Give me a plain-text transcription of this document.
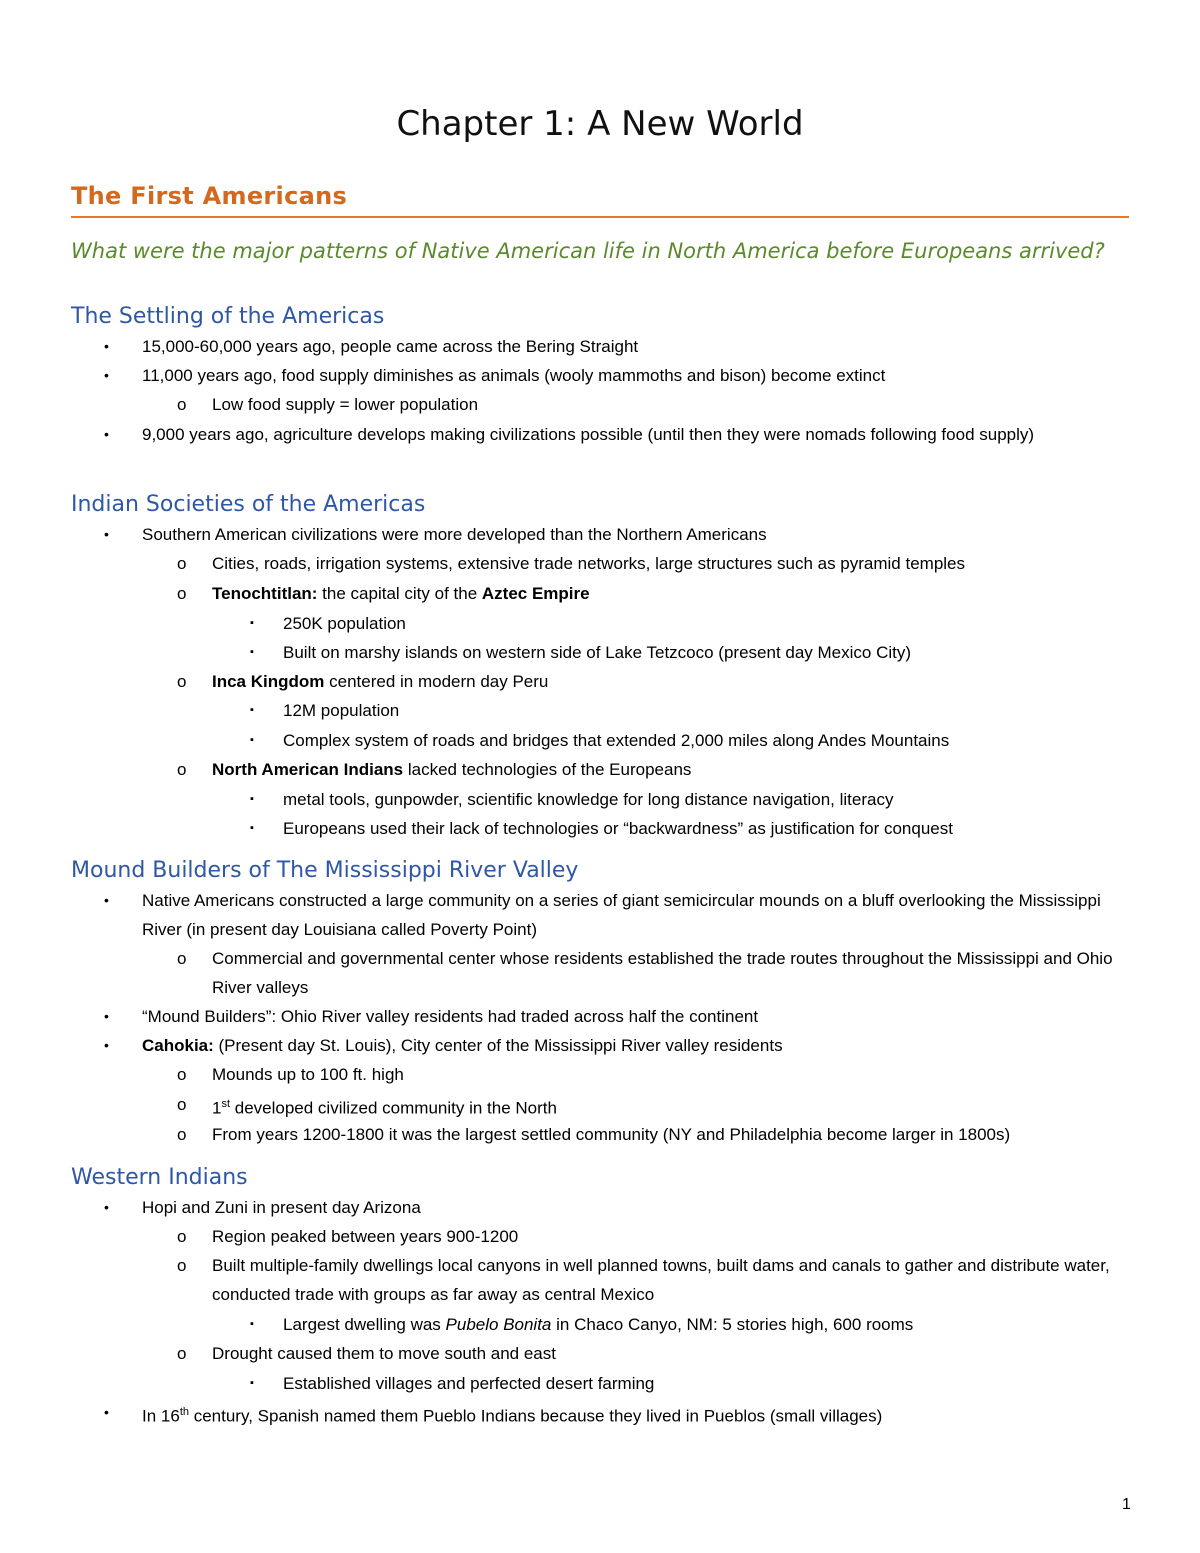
Chapter 1: A New World
The First Americans

What were the major patterns of Native American life in North America before Europeans arrived?

The Settling of the Americas
• 15,000-60,000 years ago, people came across the Bering Straight
• 11,000 years ago, food supply diminishes as animals (wooly mammoths and bison) become extinct
o Low food supply = lower population
• 9,000 years ago, agriculture develops making civilizations possible (until then they were nomads following food supply)
Indian Societies of the Americas
• Southern American civilizations were more developed than the Northern Americans
o Cities, roads, irrigation systems, extensive trade networks, large structures such as pyramid temples
o Tenochtitlan: the capital city of the Aztec Empire
▪ 250K population
▪ Built on marshy islands on western side of Lake Tetzcoco (present day Mexico City)
o Inca Kingdom centered in modern day Peru
▪ 12M population
▪ Complex system of roads and bridges that extended 2,000 miles along Andes Mountains
o North American Indians lacked technologies of the Europeans
▪ metal tools, gunpowder, scientific knowledge for long distance navigation, literacy
▪ Europeans used their lack of technologies or “backwardness” as justification for conquest
Mound Builders of The Mississippi River Valley
• Native Americans constructed a large community on a series of giant semicircular mounds on a bluff overlooking the Mississippi River (in present day Louisiana called Poverty Point)
o Commercial and governmental center whose residents established the trade routes throughout the Mississippi and Ohio River valleys
• “Mound Builders”: Ohio River valley residents had traded across half the continent
• Cahokia: (Present day St. Louis), City center of the Mississippi River valley residents
o Mounds up to 100 ft. high
o 1st developed civilized community in the North
o From years 1200-1800 it was the largest settled community (NY and Philadelphia become larger in 1800s)
Western Indians
• Hopi and Zuni in present day Arizona
o Region peaked between years 900-1200
o Built multiple-family dwellings local canyons in well planned towns, built dams and canals to gather and distribute water, conducted trade with groups as far away as central Mexico
▪ Largest dwelling was Pubelo Bonita in Chaco Canyo, NM: 5 stories high, 600 rooms
o Drought caused them to move south and east
▪ Established villages and perfected desert farming
• In 16th century, Spanish named them Pueblo Indians because they lived in Pueblos (small villages)
1
